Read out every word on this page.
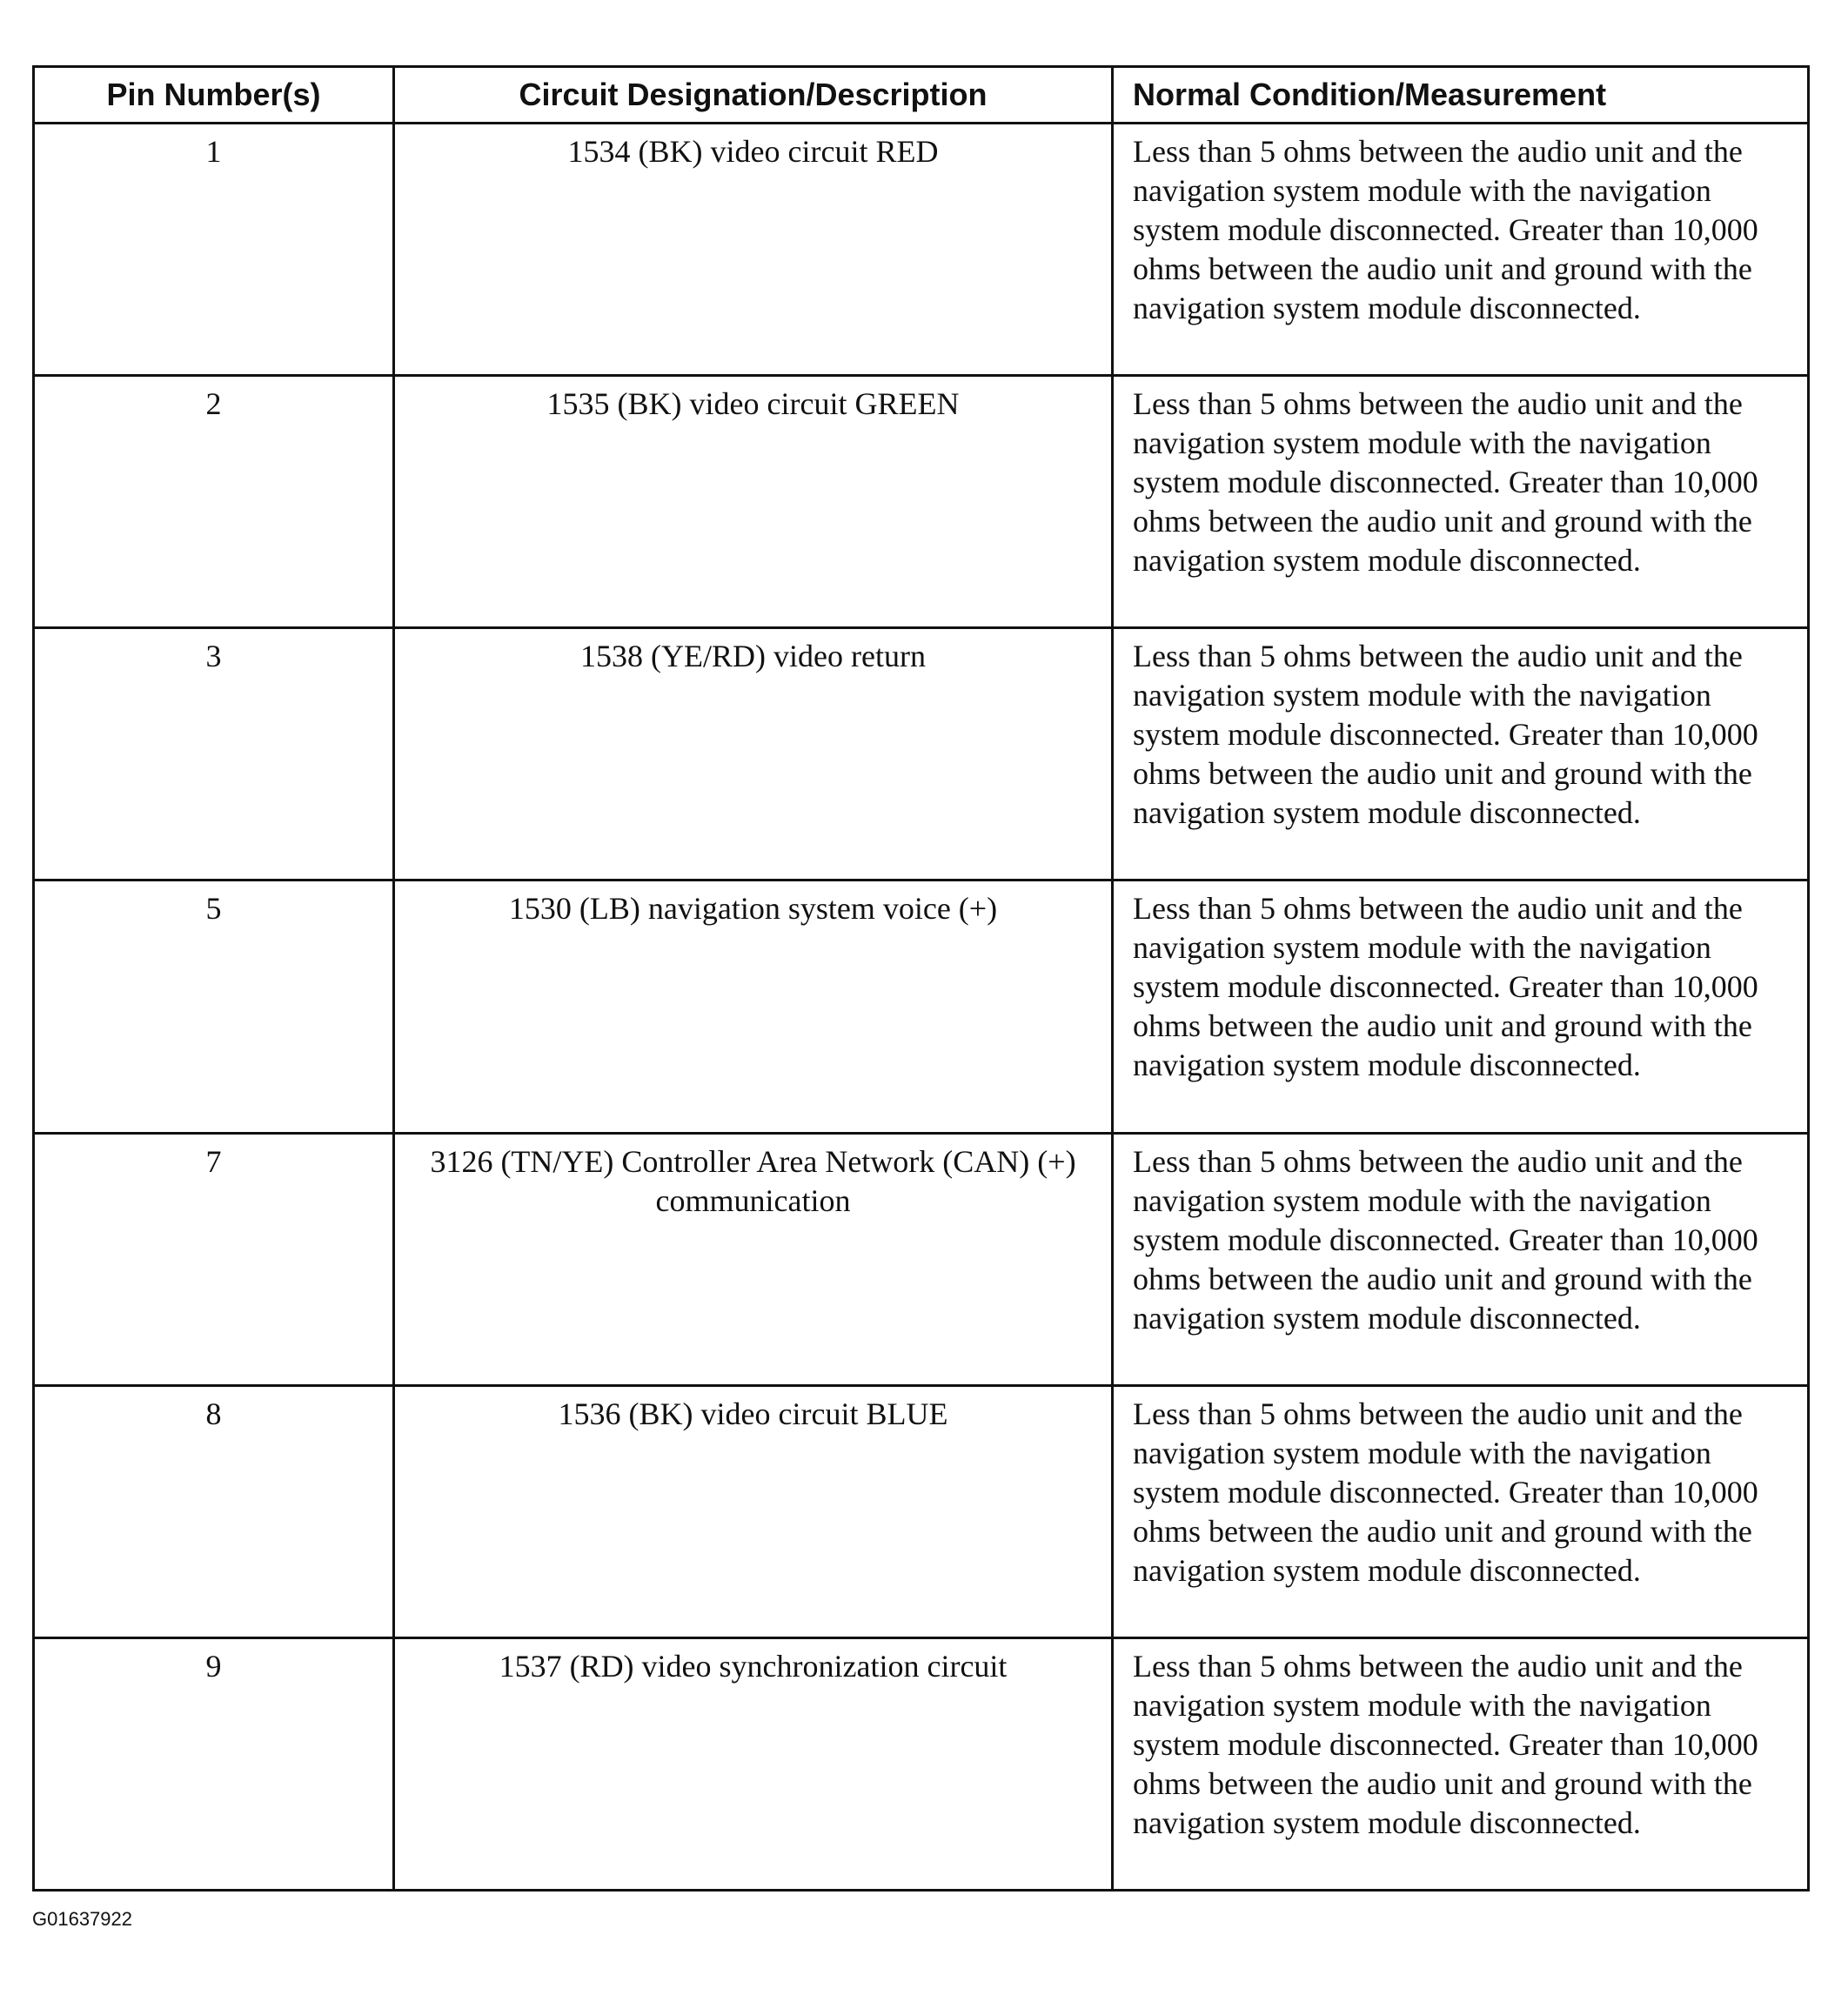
Pin Number(s)	Circuit Designation/Description	Normal Condition/Measurement
1	1534 (BK) video circuit RED	Less than 5 ohms between the audio unit and the navigation system module with the navigation system module disconnected. Greater than 10,000 ohms between the audio unit and ground with the navigation system module disconnected.
2	1535 (BK) video circuit GREEN	Less than 5 ohms between the audio unit and the navigation system module with the navigation system module disconnected. Greater than 10,000 ohms between the audio unit and ground with the navigation system module disconnected.
3	1538 (YE/RD) video return	Less than 5 ohms between the audio unit and the navigation system module with the navigation system module disconnected. Greater than 10,000 ohms between the audio unit and ground with the navigation system module disconnected.
5	1530 (LB) navigation system voice (+)	Less than 5 ohms between the audio unit and the navigation system module with the navigation system module disconnected. Greater than 10,000 ohms between the audio unit and ground with the navigation system module disconnected.
7	3126 (TN/YE) Controller Area Network (CAN) (+) communication	Less than 5 ohms between the audio unit and the navigation system module with the navigation system module disconnected. Greater than 10,000 ohms between the audio unit and ground with the navigation system module disconnected.
8	1536 (BK) video circuit BLUE	Less than 5 ohms between the audio unit and the navigation system module with the navigation system module disconnected. Greater than 10,000 ohms between the audio unit and ground with the navigation system module disconnected.
9	1537 (RD) video synchronization circuit	Less than 5 ohms between the audio unit and the navigation system module with the navigation system module disconnected. Greater than 10,000 ohms between the audio unit and ground with the navigation system module disconnected.
G01637922
